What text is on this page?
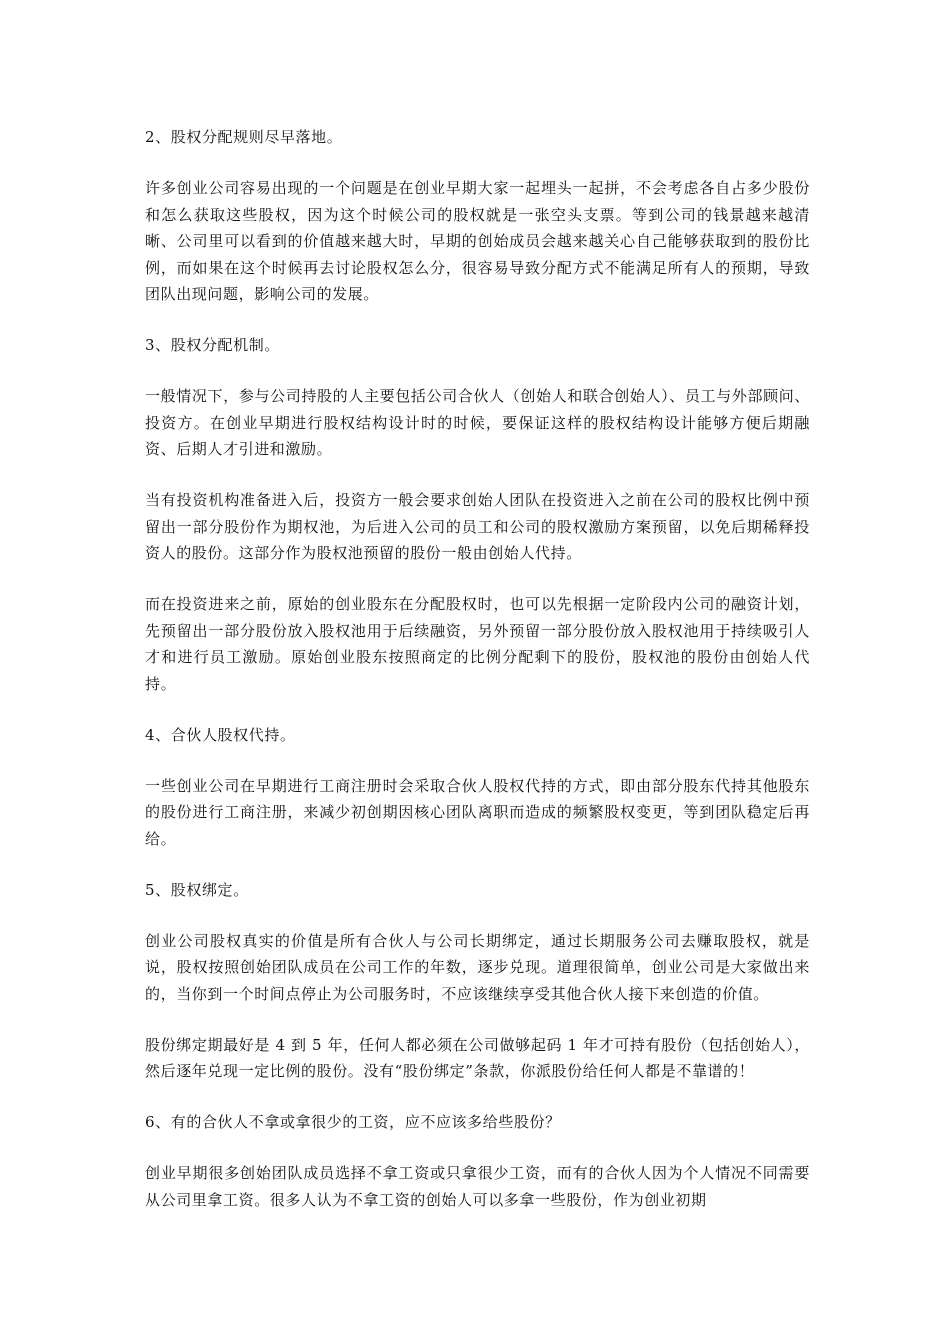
2、股权分配规则尽早落地。

许多创业公司容易出现的一个问题是在创业早期大家一起埋头一起拼，不会考虑各自占多少股份和怎么获取这些股权，因为这个时候公司的股权就是一张空头支票。等到公司的钱景越来越清晰、公司里可以看到的价值越来越大时，早期的创始成员会越来越关心自己能够获取到的股份比例，而如果在这个时候再去讨论股权怎么分，很容易导致分配方式不能满足所有人的预期，导致团队出现问题，影响公司的发展。

3、股权分配机制。

一般情况下，参与公司持股的人主要包括公司合伙人（创始人和联合创始人）、员工与外部顾问、投资方。在创业早期进行股权结构设计时的时候，要保证这样的股权结构设计能够方便后期融资、后期人才引进和激励。

当有投资机构准备进入后，投资方一般会要求创始人团队在投资进入之前在公司的股权比例中预留出一部分股份作为期权池，为后进入公司的员工和公司的股权激励方案预留，以免后期稀释投资人的股份。这部分作为股权池预留的股份一般由创始人代持。

而在投资进来之前，原始的创业股东在分配股权时，也可以先根据一定阶段内公司的融资计划，先预留出一部分股份放入股权池用于后续融资，另外预留一部分股份放入股权池用于持续吸引人才和进行员工激励。原始创业股东按照商定的比例分配剩下的股份，股权池的股份由创始人代持。

4、合伙人股权代持。

一些创业公司在早期进行工商注册时会采取合伙人股权代持的方式，即由部分股东代持其他股东的股份进行工商注册，来减少初创期因核心团队离职而造成的频繁股权变更，等到团队稳定后再给。

5、股权绑定。

创业公司股权真实的价值是所有合伙人与公司长期绑定，通过长期服务公司去赚取股权，就是说，股权按照创始团队成员在公司工作的年数，逐步兑现。道理很简单，创业公司是大家做出来的，当你到一个时间点停止为公司服务时，不应该继续享受其他合伙人接下来创造的价值。

股份绑定期最好是 4 到 5 年，任何人都必须在公司做够起码 1 年才可持有股份（包括创始人），然后逐年兑现一定比例的股份。没有“股份绑定”条款，你派股份给任何人都是不靠谱的！

6、有的合伙人不拿或拿很少的工资，应不应该多给些股份？

创业早期很多创始团队成员选择不拿工资或只拿很少工资，而有的合伙人因为个人情况不同需要从公司里拿工资。很多人认为不拿工资的创始人可以多拿一些股份，作为创业初期
